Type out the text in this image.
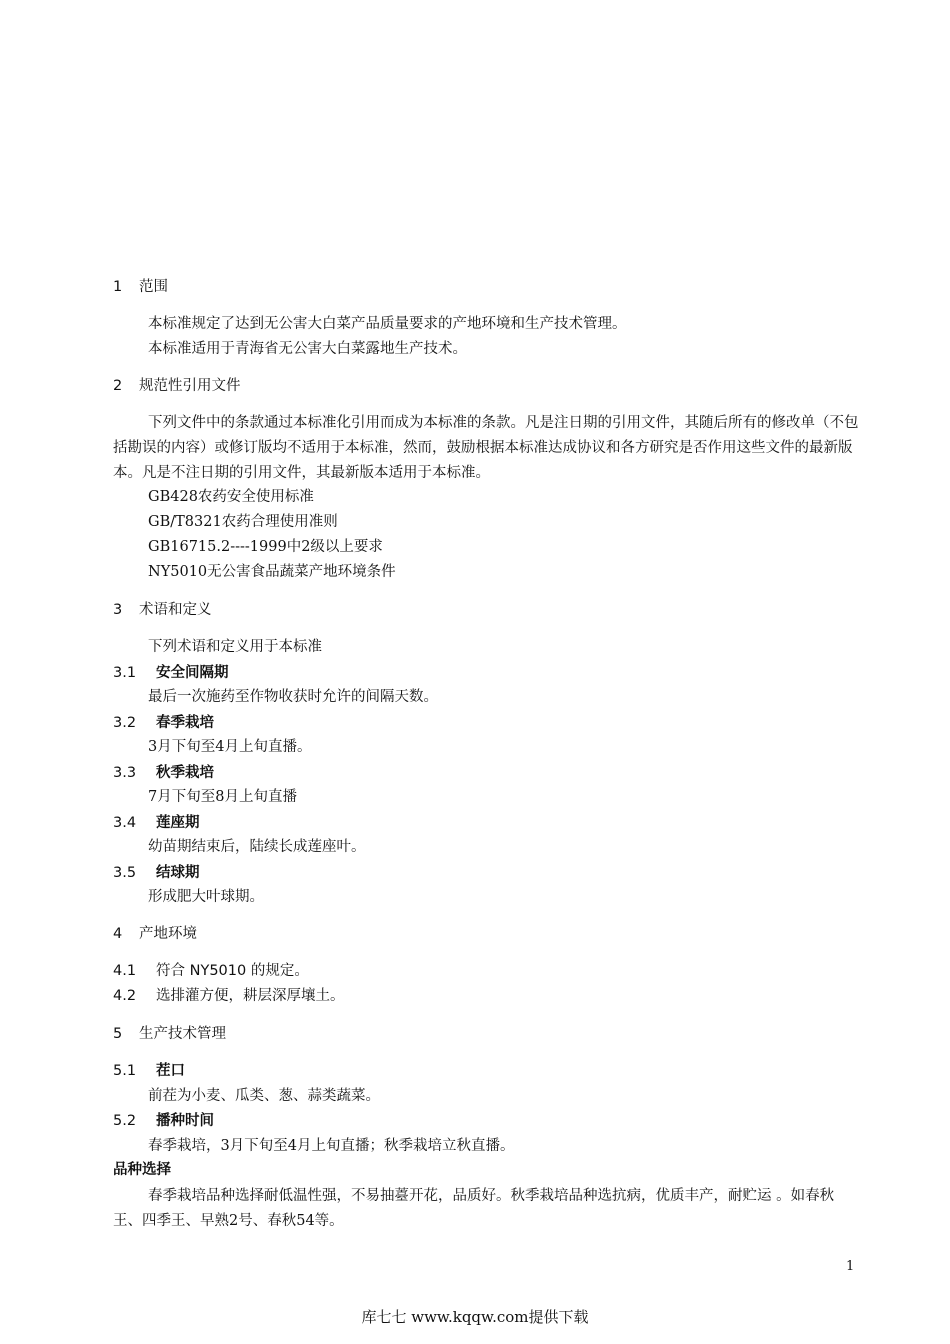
1 范围
本标准规定了达到无公害大白菜产品质量要求的产地环境和生产技术管理。
本标准适用于青海省无公害大白菜露地生产技术。
2 规范性引用文件
下列文件中的条款通过本标准化引用而成为本标准的条款。凡是注日期的引用文件，其随后所有的修改单（不包括勘误的内容）或修订版均不适用于本标准，然而，鼓励根据本标准达成协议和各方研究是否作用这些文件的最新版本。凡是不注日期的引用文件，其最新版本适用于本标准。
GB428农药安全使用标准
GB/T8321农药合理使用准则
GB16715.2----1999中2级以上要求
NY5010无公害食品蔬菜产地环境条件
3 术语和定义
下列术语和定义用于本标准
3.1 安全间隔期
最后一次施药至作物收获时允许的间隔天数。
3.2 春季栽培
3月下旬至4月上旬直播。
3.3 秋季栽培
7月下旬至8月上旬直播
3.4 莲座期
幼苗期结束后，陆续长成莲座叶。
3.5 结球期
形成肥大叶球期。
4 产地环境
4.1 符合 NY5010 的规定。
4.2 选排灌方便，耕层深厚壤土。
5 生产技术管理
5.1 茬口
前茬为小麦、瓜类、葱、蒜类蔬菜。
5.2 播种时间
春季栽培，3月下旬至4月上旬直播；秋季栽培立秋直播。
品种选择
春季栽培品种选择耐低温性强，不易抽薹开花，品质好。秋季栽培品种选抗病，优质丰产，耐贮运 。如春秋王、四季王、早熟2号、春秋54等。
1
库七七 www.kqqw.com提供下载
